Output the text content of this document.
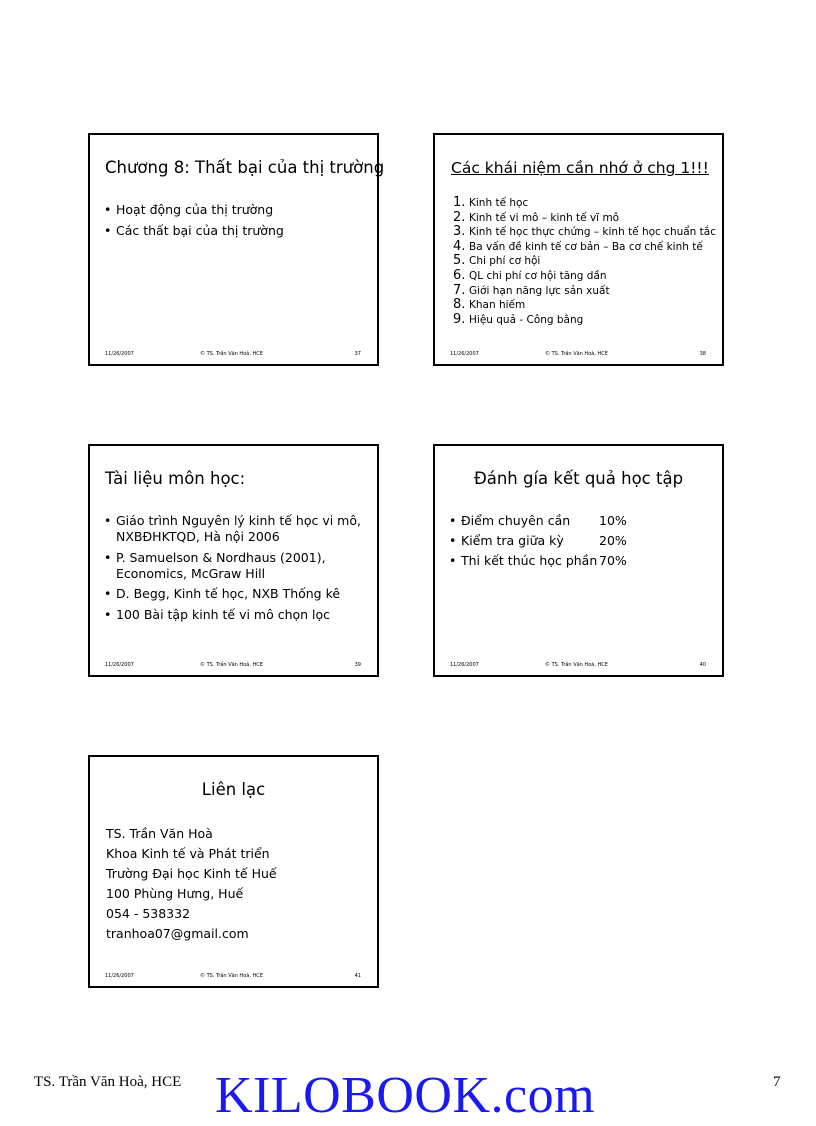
Chương 8: Thất bại của thị trường
• Hoạt động của thị trường
• Các thất bại của thị trường
11/26/2007	© TS. Trần Văn Hoà, HCE	37
Các khái niệm cần nhớ ở chg 1!!!
1. Kinh tế học
2. Kinh tế vi mô – kinh tế vĩ mô
3. Kinh tế học thực chứng – kinh tế học chuẩn tắc
4. Ba vấn đề kinh tế cơ bản – Ba cơ chế kinh tế
5. Chi phí cơ hội
6. QL chi phí cơ hội tăng dần
7. Giới hạn năng lực sản xuất
8. Khan hiếm
9. Hiệu quả - Công bằng
11/26/2007	© TS. Trần Văn Hoà, HCE	38
Tài liệu môn học:
• Giáo trình Nguyên lý kinh tế học vi mô, NXBĐHKTQD, Hà nội 2006
• P. Samuelson & Nordhaus (2001), Economics, McGraw Hill
• D. Begg, Kinh tế học, NXB Thống kê
• 100 Bài tập kinh tế vi mô chọn lọc
11/26/2007	© TS. Trần Văn Hoà, HCE	39
Đánh gía kết quả học tập
• Điểm chuyên cần 10%
• Kiểm tra giữa kỳ	20%
• Thi kết thúc học phần 70%
11/26/2007	© TS. Trần Văn Hoà, HCE	40
Liên lạc
TS. Trần Văn Hoà
Khoa Kinh tế và Phát triển
Trường Đại học Kinh tế Huế
100 Phùng Hưng, Huế
054 - 538332
tranhoa07@gmail.com
11/26/2007	© TS. Trần Văn Hoà, HCE	41
TS. Trần Văn Hoà, HCE KILOBOOK.com	7
